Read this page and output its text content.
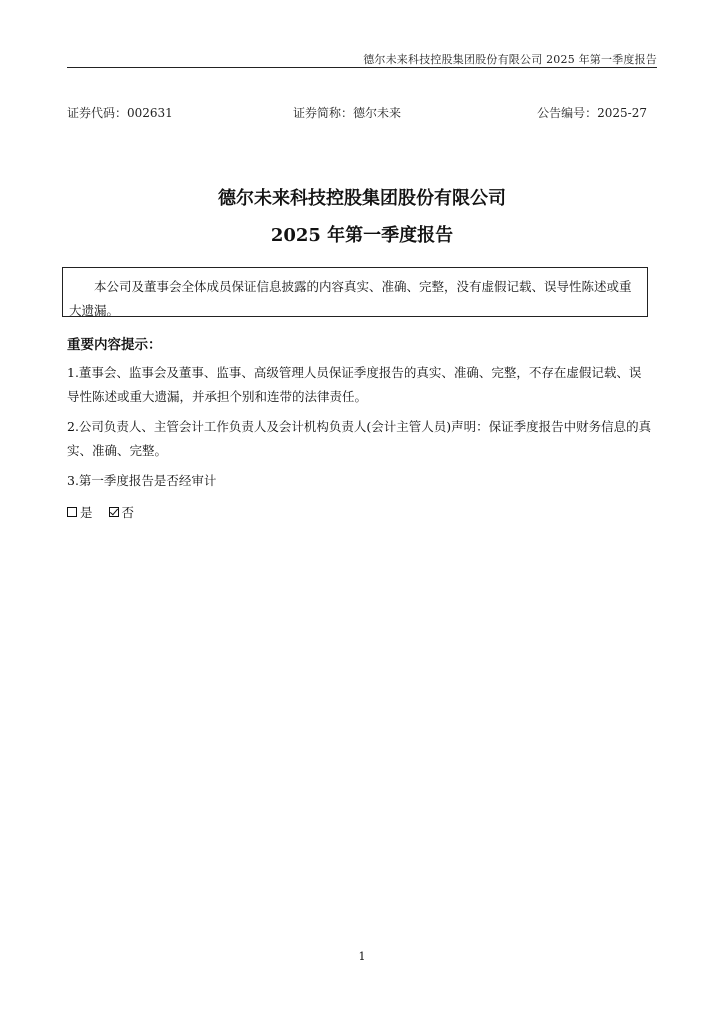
德尔未来科技控股集团股份有限公司 2025 年第一季度报告
证券代码：002631	证券简称：德尔未来	公告编号：2025-27
德尔未来科技控股集团股份有限公司
2025 年第一季度报告
本公司及董事会全体成员保证信息披露的内容真实、准确、完整，没有虚假记载、误导性陈述或重大遗漏。
重要内容提示：
1.董事会、监事会及董事、监事、高级管理人员保证季度报告的真实、准确、完整，不存在虚假记载、误导性陈述或重大遗漏，并承担个别和连带的法律责任。
2.公司负责人、主管会计工作负责人及会计机构负责人(会计主管人员)声明：保证季度报告中财务信息的真实、准确、完整。
3.第一季度报告是否经审计
是 否
1
